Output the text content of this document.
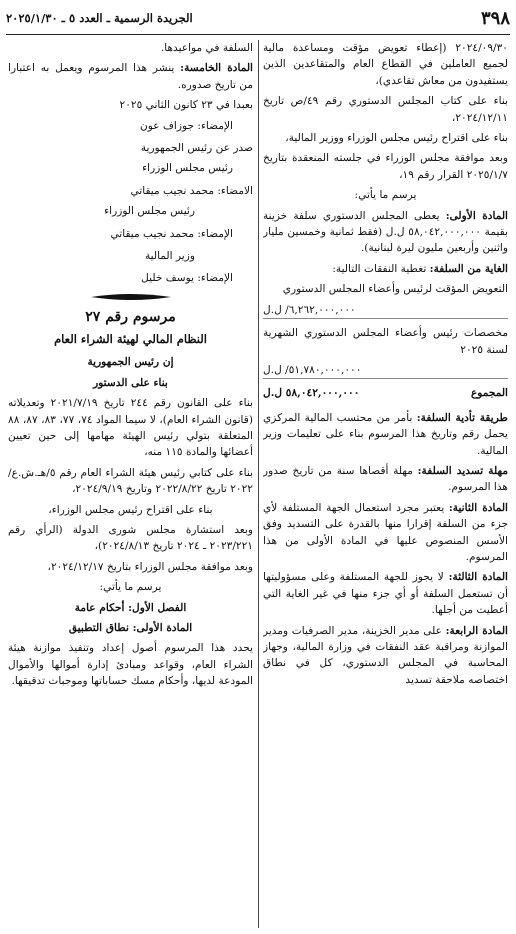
٣٩٨
الجريدة الرسمية ـ العدد ٥ ـ ٢٠٢٥/١/٣٠

٢٠٢٤/٠٩/٣٠ (إعطاء تعويض مؤقت ومساعدة مالية لجميع العاملين في القطاع العام والمتقاعدين الذين يستفيدون من معاش تقاعدي)،

بناء على كتاب المجلس الدستوري رقم ٤٩/ص تاريخ ٢٠٢٤/١٢/١١،

بناء على اقتراح رئيس مجلس الوزراء ووزير المالية،

وبعد موافقة مجلس الوزراء في جلسته المنعقدة بتاريخ ٢٠٢٥/١/٧ القرار رقم ١٩،

يرسم ما يأتي:

المادة الأولى: يعطى المجلس الدستوري سلفة خزينة بقيمة ٥٨,٠٤٢,٠٠٠,٠٠٠ ل.ل (فقط ثمانية وخمسين مليار واثنين وأربعين مليون ليرة لبنانية).

الغاية من السلفة: تغطية النفقات التالية:

التعويض المؤقت لرئيس وأعضاء المجلس الدستوري

٦,٢٦٢,٠٠٠,٠٠٠/ ل.ل

مخصصات رئيس وأعضاء المجلس الدستوري الشهرية لسنة ٢٠٢٥

٥١,٧٨٠,٠٠٠,٠٠٠/ ل.ل
المجموع
٥٨,٠٤٢,٠٠٠,٠٠٠ ل.ل

طريقة تأدية السلفة: بأمر من محتسب المالية المركزي يحمل رقم وتاريخ هذا المرسوم بناء على تعليمات وزير المالية.

مهلة تسديد السلفة: مهلة أقصاها سنة من تاريخ صدور هذا المرسوم.

المادة الثانية: يعتبر مجرد استعمال الجهة المستلفة لأي جزء من السلفة إقرارا منها بالقدرة على التسديد وفق الأسس المنصوص عليها في المادة الأولى من هذا المرسوم.

المادة الثالثة: لا يجوز للجهة المستلفة وعلى مسؤوليتها أن تستعمل السلفة أو أي جزء منها في غير الغاية التي أعطيت من أجلها.

المادة الرابعة: على مدير الخزينة، مدير الصرفيات ومدير الموازنة ومراقبة عقد النفقات في وزارة المالية، وجهاز المحاسبة في المجلس الدستوري، كل في نطاق اختصاصه ملاحقة تسديد

السلفة في مواعيدها.

المادة الخامسة: ينشر هذا المرسوم ويعمل به اعتبارا من تاريخ صدوره.

بعبدا في ٢٣ كانون الثاني ٢٠٢٥

الإمضاء: جوزاف عون

صدر عن رئيس الجمهورية

رئيس مجلس الوزراء

الامضاء: محمد نجيب ميقاتي

رئيس مجلس الوزراء

الإمضاء: محمد نجيب ميقاتي

وزير المالية

الإمضاء: يوسف خليل

مرسوم رقم ٢٧

النظام المالي لهيئة الشراء العام

إن رئيس الجمهورية

بناء على الدستور

بناء على القانون رقم ٢٤٤ تاريخ ٢٠٢١/٧/١٩ وتعديلاته (قانون الشراء العام)، لا سيما المواد ٧٤، ٧٧، ٨٣، ٨٧، ٨٨ المتعلقة بتولي رئيس الهيئة مهامها إلى حين تعيين أعضائها والمادة ١١٥ منه،

بناء على كتابي رئيس هيئة الشراء العام رقم ٥/هـ.ش.ع/٢٠٢٢ تاريخ ٢٠٢٢/٨/٢٢ وتاريخ ٢٠٢٤/٩/١٩،

بناء على اقتراح رئيس مجلس الوزراء،

وبعد استشارة مجلس شورى الدولة (الرأي رقم ٢٠٢٣/٢٢١ ـ ٢٠٢٤ تاريخ ٢٠٢٤/٨/١٣)،

وبعد موافقة مجلس الوزراء بتاريخ ٢٠٢٤/١٢/١٧،

يرسم ما يأتي:

الفصل الأول: أحكام عامة

المادة الأولى: نطاق التطبيق

يحدد هذا المرسوم أصول إعداد وتنفيذ موازنة هيئة الشراء العام، وقواعد ومبادئ إدارة أموالها والأموال المودعة لديها، وأحكام مسك حساباتها وموجبات تدقيقها.
